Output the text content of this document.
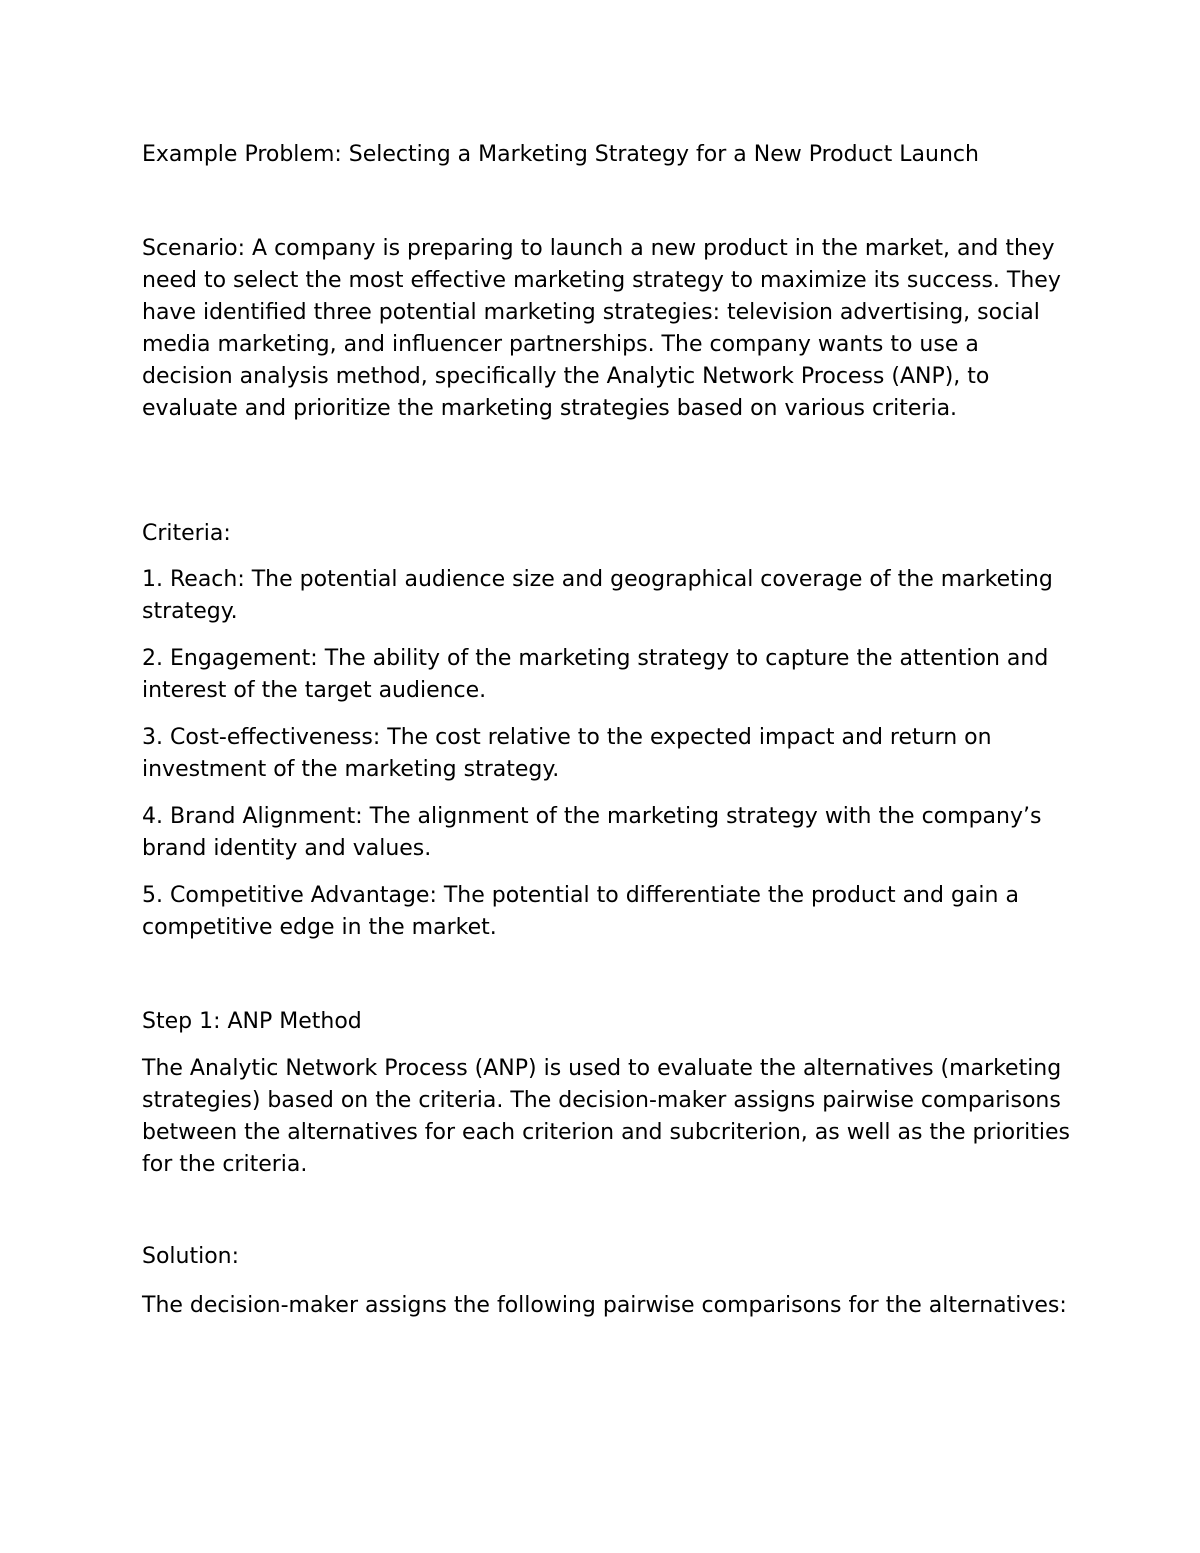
Example Problem: Selecting a Marketing Strategy for a New Product Launch

Scenario: A company is preparing to launch a new product in the market, and they need to select the most effective marketing strategy to maximize its success. They have identified three potential marketing strategies: television advertising, social media marketing, and influencer partnerships. The company wants to use a decision analysis method, specifically the Analytic Network Process (ANP), to evaluate and prioritize the marketing strategies based on various criteria.

Criteria:

1. Reach: The potential audience size and geographical coverage of the marketing strategy.
2. Engagement: The ability of the marketing strategy to capture the attention and interest of the target audience.
3. Cost-effectiveness: The cost relative to the expected impact and return on investment of the marketing strategy.
4. Brand Alignment: The alignment of the marketing strategy with the company’s brand identity and values.
5. Competitive Advantage: The potential to differentiate the product and gain a competitive edge in the market.

Step 1: ANP Method

The Analytic Network Process (ANP) is used to evaluate the alternatives (marketing strategies) based on the criteria. The decision-maker assigns pairwise comparisons between the alternatives for each criterion and subcriterion, as well as the priorities for the criteria.

Solution:

The decision-maker assigns the following pairwise comparisons for the alternatives:
